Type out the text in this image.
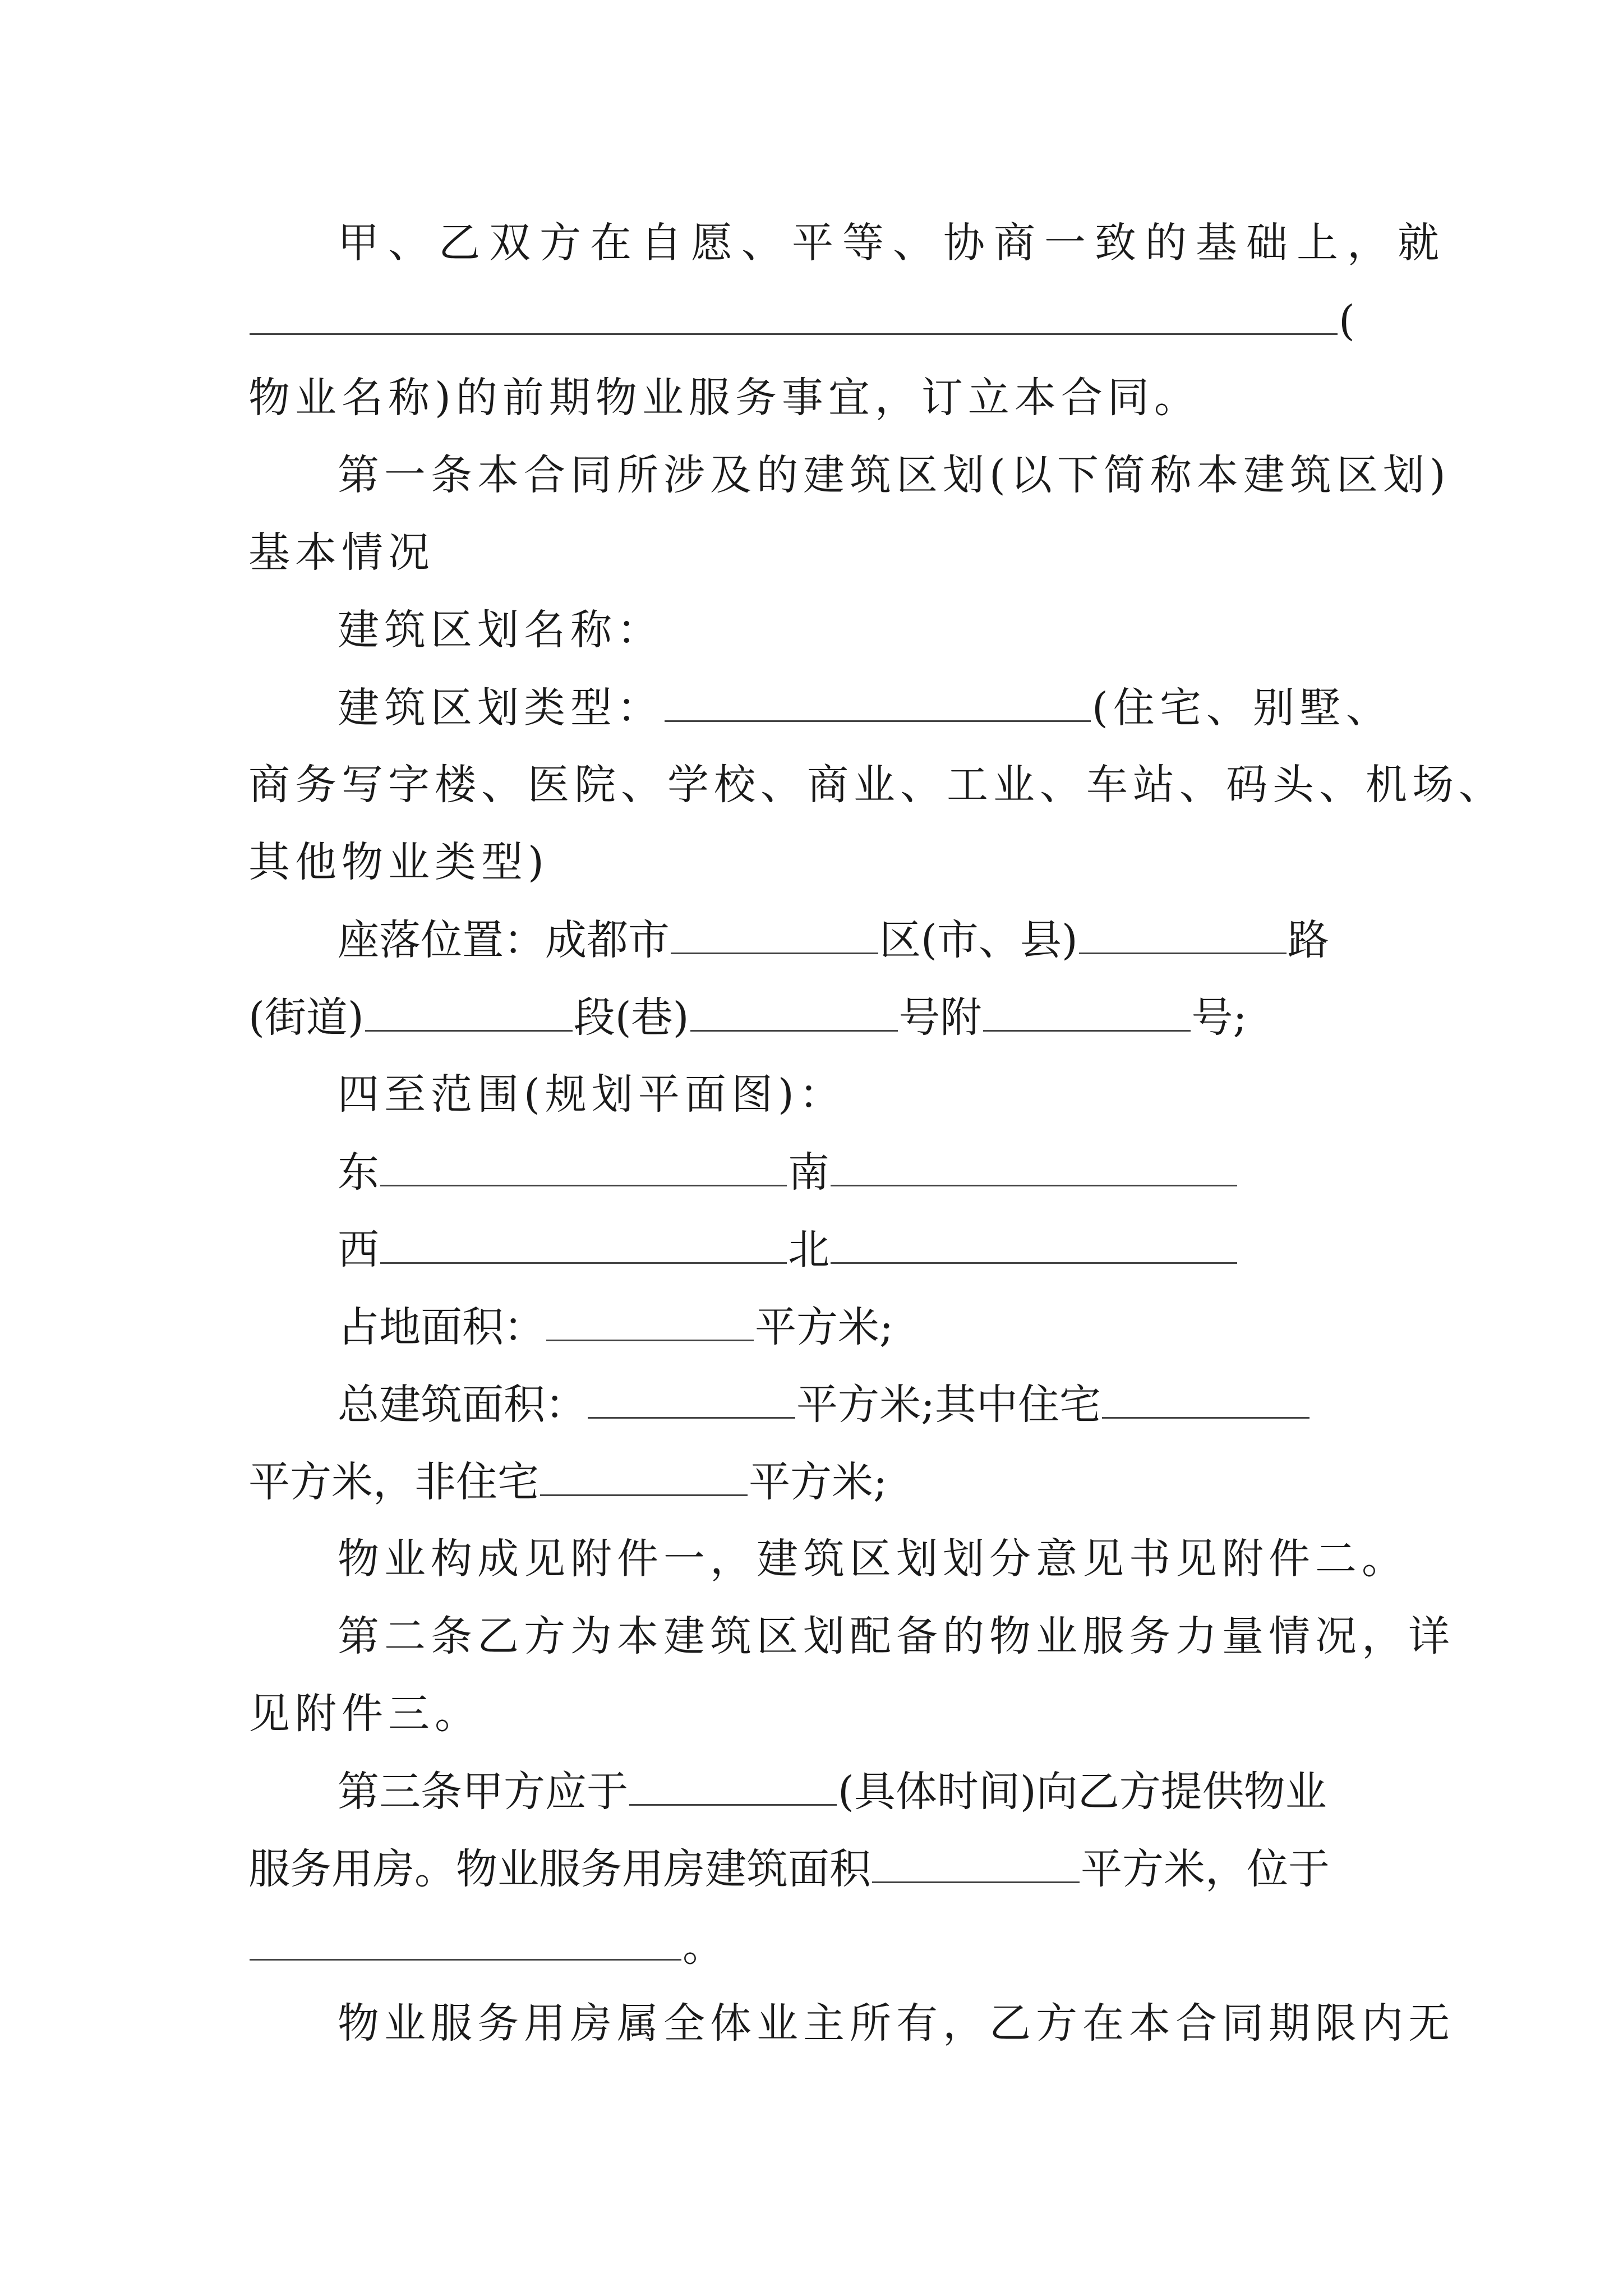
甲、乙双方在自愿、平等、协商一致的基础上，就
(
物业名称)的前期物业服务事宜，订立本合同。
第一条本合同所涉及的建筑区划(以下简称本建筑区划)
基本情况
建筑区划名称：
建筑区划类型：	(住宅、别墅、
商务写字楼、医院、学校、商业、工业、车站、码头、机场、
其他物业类型)
座落位置：成都市	区(市、县)	路
(街道)	段(巷)	号附	号;
四至范围(规划平面图)：
东	南
西	北
占地面积：	平方米;
总建筑面积：	平方米;其中住宅
平方米，非住宅	平方米;
物业构成见附件一，建筑区划划分意见书见附件二。
第二条乙方为本建筑区划配备的物业服务力量情况，详
见附件三。
第三条甲方应于	(具体时间)向乙方提供物业
服务用房。物业服务用房建筑面积	平方米，位于
。
物业服务用房属全体业主所有，乙方在本合同期限内无
